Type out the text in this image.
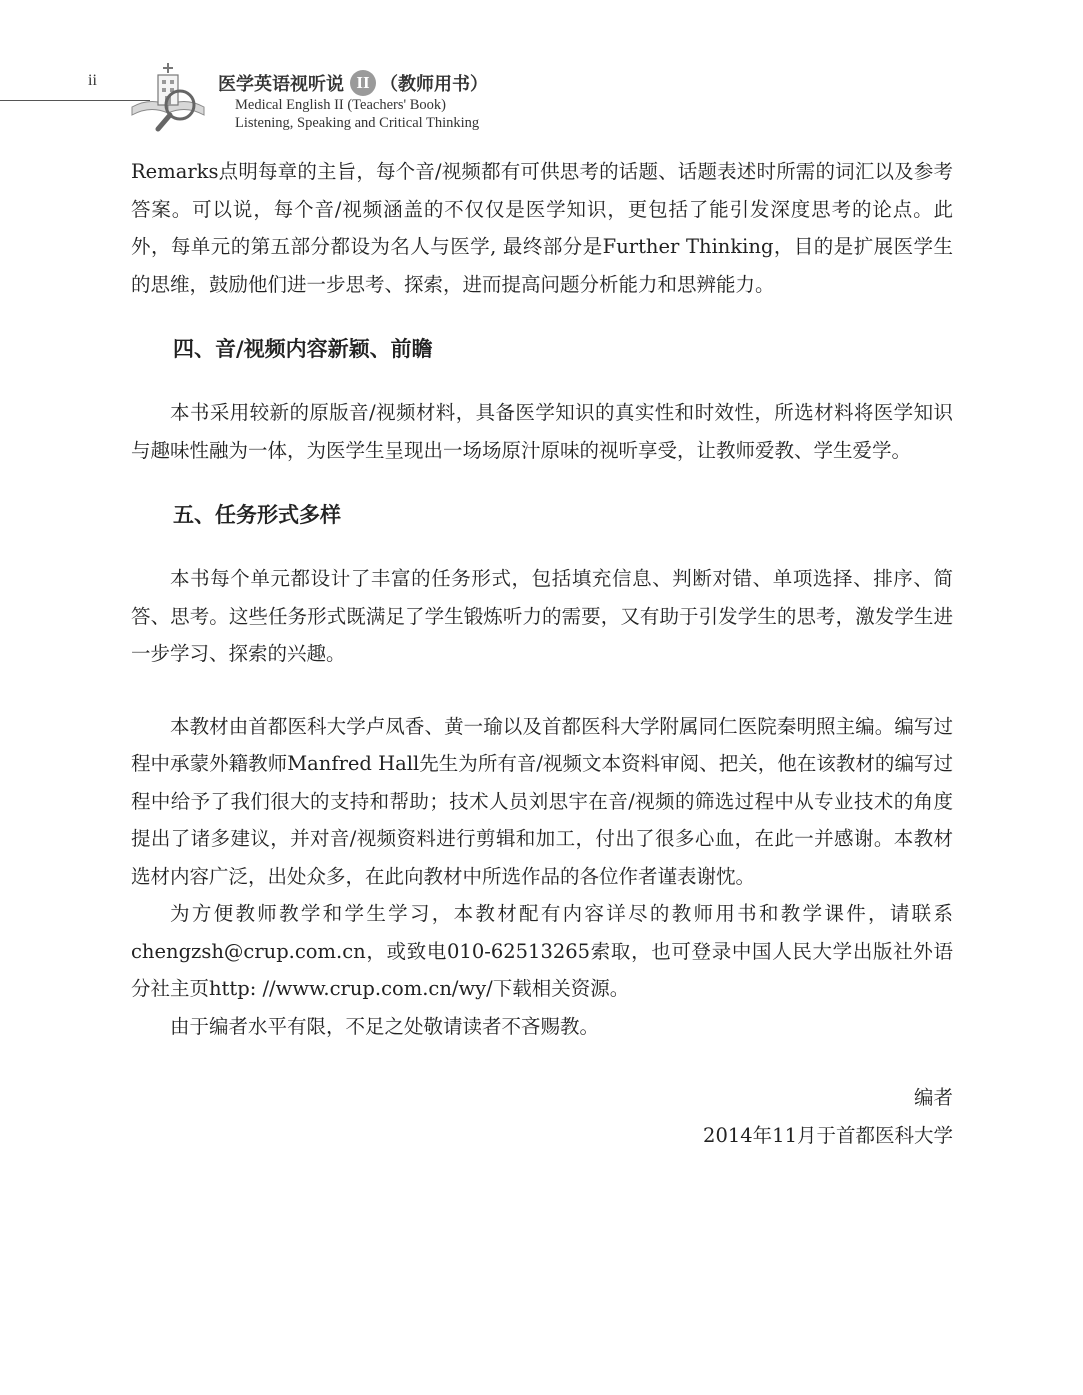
ii	医学英语视听说 II （教师用书）
Medical English II (Teachers' Book)
Listening, Speaking and Critical Thinking

Remarks点明每章的主旨，每个音/视频都有可供思考的话题、话题表述时所需的词汇以及参考答案。可以说，每个音/视频涵盖的不仅仅是医学知识，更包括了能引发深度思考的论点。此外，每单元的第五部分都设为名人与医学, 最终部分是Further Thinking，目的是扩展医学生的思维，鼓励他们进一步思考、探索，进而提高问题分析能力和思辨能力。

四、音/视频内容新颖、前瞻

本书采用较新的原版音/视频材料，具备医学知识的真实性和时效性，所选材料将医学知识与趣味性融为一体，为医学生呈现出一场场原汁原味的视听享受，让教师爱教、学生爱学。

五、任务形式多样

本书每个单元都设计了丰富的任务形式，包括填充信息、判断对错、单项选择、排序、简答、思考。这些任务形式既满足了学生锻炼听力的需要，又有助于引发学生的思考，激发学生进一步学习、探索的兴趣。

本教材由首都医科大学卢凤香、黄一瑜以及首都医科大学附属同仁医院秦明照主编。编写过程中承蒙外籍教师Manfred Hall先生为所有音/视频文本资料审阅、把关，他在该教材的编写过程中给予了我们很大的支持和帮助；技术人员刘思宇在音/视频的筛选过程中从专业技术的角度提出了诸多建议，并对音/视频资料进行剪辑和加工，付出了很多心血，在此一并感谢。本教材选材内容广泛，出处众多，在此向教材中所选作品的各位作者谨表谢忱。

为方便教师教学和学生学习，本教材配有内容详尽的教师用书和教学课件，请联系chengzsh@crup.com.cn，或致电010-62513265索取，也可登录中国人民大学出版社外语分社主页http: //www.crup.com.cn/wy/下载相关资源。

由于编者水平有限，不足之处敬请读者不吝赐教。

编者

2014年11月于首都医科大学
